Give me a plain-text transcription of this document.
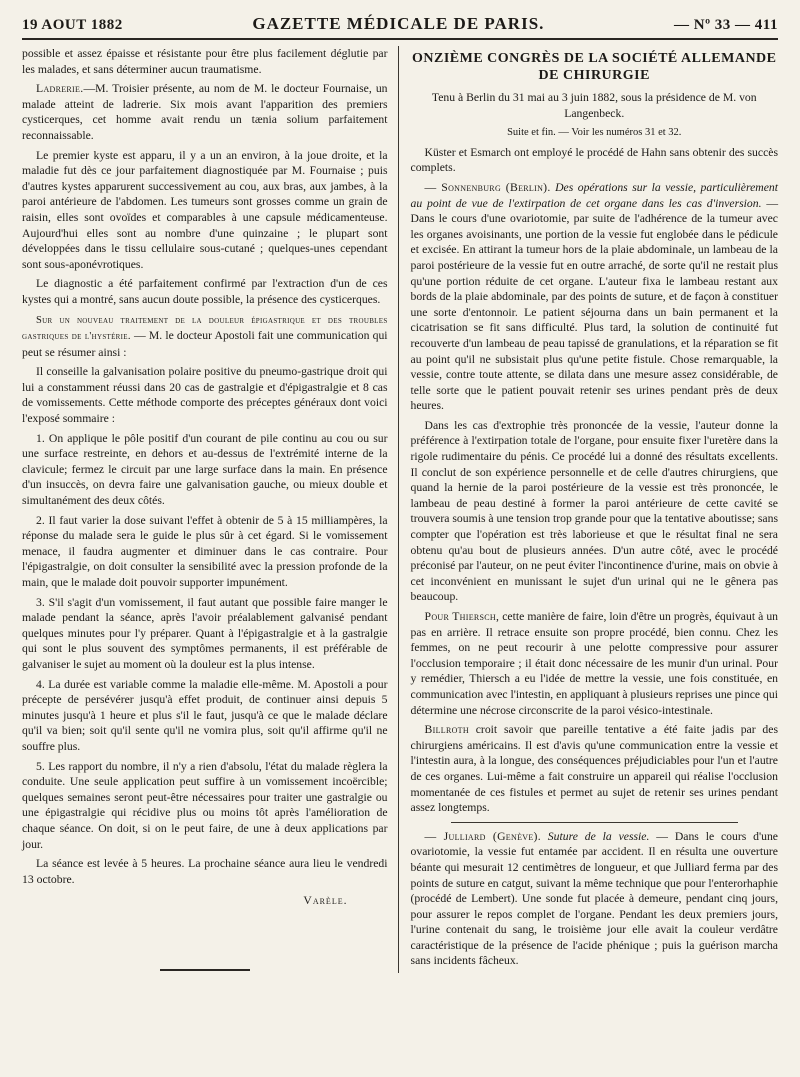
19 AOUT 1882	GAZETTE MÉDICALE DE PARIS.	— Nº 33 — 411

possible et assez épaisse et résistante pour être plus facilement déglutie par les malades, et sans déterminer aucun traumatisme.

Ladrerie.—M. Troisier présente, au nom de M. le docteur Fournaise, un malade atteint de ladrerie. Six mois avant l'apparition des premiers cysticerques, cet homme avait rendu un tænia solium parfaitement reconnaissable.

Le premier kyste est apparu, il y a un an environ, à la joue droite, et la maladie fut dès ce jour parfaitement diagnostiquée par M. Fournaise ; puis d'autres kystes apparurent successivement au cou, aux bras, aux jambes, à la paroi antérieure de l'abdomen. Les tumeurs sont grosses comme un grain de raisin, elles sont ovoïdes et comparables à une capsule médicamenteuse. Aujourd'hui elles sont au nombre d'une quinzaine ; le plupart sont développées dans le tissu cellulaire sous-cutané ; quelques-unes cependant sont sous-aponévrotiques.

Le diagnostic a été parfaitement confirmé par l'extraction d'un de ces kystes qui a montré, sans aucun doute possible, la présence des cysticerques.

Sur un nouveau traitement de la douleur épigastrique et des troubles gastriques de l'hystérie. — M. le docteur Apostoli fait une communication qui peut se résumer ainsi :

Il conseille la galvanisation polaire positive du pneumo-gastrique droit qui lui a constamment réussi dans 20 cas de gastralgie et d'épigastralgie et 8 cas de vomissements. Cette méthode comporte des préceptes généraux dont voici l'exposé sommaire :

1. On applique le pôle positif d'un courant de pile continu au cou ou sur une surface restreinte, en dehors et au-dessus de l'extrémité interne de la clavicule; fermez le circuit par une large surface dans la main. En présence d'un insuccès, on devra faire une galvanisation gauche, ou mieux double et simultanément des deux côtés.

2. Il faut varier la dose suivant l'effet à obtenir de 5 à 15 milliampères, la réponse du malade sera le guide le plus sûr à cet égard. Si le vomissement menace, il faudra augmenter et diminuer dans le cas contraire. Pour l'épigastralgie, on doit consulter la sensibilité avec la pression profonde de la main, que le malade doit pouvoir supporter impunément.

3. S'il s'agit d'un vomissement, il faut autant que possible faire manger le malade pendant la séance, après l'avoir préalablement galvanisé pendant quelques minutes pour l'y préparer. Quant à l'épigastralgie et à la gastralgie qui sont le plus souvent des symptômes permanents, il est préférable de galvaniser le sujet au moment où la douleur est la plus intense.

4. La durée est variable comme la maladie elle-même. M. Apostoli a pour précepte de persévérer jusqu'à effet produit, de continuer ainsi depuis 5 minutes jusqu'à 1 heure et plus s'il le faut, jusqu'à ce que le malade déclare qu'il va bien; soit qu'il sente qu'il ne vomira plus, soit qu'il affirme qu'il ne souffre plus.

5. Les rapport du nombre, il n'y a rien d'absolu, l'état du malade règlera la conduite. Une seule application peut suffire à un vomissement incoërcible; quelques semaines seront peut-être nécessaires pour traiter une gastralgie ou une épigastralgie qui récidive plus ou moins tôt après l'amélioration de chaque séance. On doit, si on le peut faire, de une à deux applications par jour.

La séance est levée à 5 heures. La prochaine séance aura lieu le vendredi 13 octobre.

Varèle.

ONZIÈME CONGRÈS DE LA SOCIÉTÉ ALLEMANDE DE CHIRURGIE

Tenu à Berlin du 31 mai au 3 juin 1882, sous la présidence de M. von Langenbeck.

Suite et fin. — Voir les numéros 31 et 32.

Küster et Esmarch ont employé le procédé de Hahn sans obtenir des succès complets.

— Sonnenburg (Berlin). Des opérations sur la vessie, particulièrement au point de vue de l'extirpation de cet organe dans les cas d'inversion. — Dans le cours d'une ovariotomie, par suite de l'adhérence de la tumeur avec les organes avoisinants, une portion de la vessie fut englobée dans le pédicule et excisée. En attirant la tumeur hors de la plaie abdominale, un lambeau de la paroi postérieure de la vessie fut en outre arraché, de sorte qu'il ne restait plus qu'une portion réduite de cet organe. L'auteur fixa le lambeau restant aux bords de la plaie abdominale, par des points de suture, et de façon à constituer une sorte d'entonnoir. Le patient séjourna dans un bain permanent et la cicatrisation se fit sans difficulté. Plus tard, la solution de continuité fut recouverte d'un lambeau de peau tapissé de granulations, et la réparation se fit au point qu'il ne subsistait plus qu'une petite fistule. Chose remarquable, la vessie, contre toute attente, se dilata dans une mesure assez considérable, de telle sorte que le patient pouvait retenir ses urines pendant près de deux heures.

Dans les cas d'extrophie très prononcée de la vessie, l'auteur donne la préférence à l'extirpation totale de l'organe, pour ensuite fixer l'uretère dans la rigole rudimentaire du pénis. Ce procédé lui a donné des résultats excellents. Il conclut de son expérience personnelle et de celle d'autres chirurgiens, que quand la hernie de la paroi postérieure de la vessie est très prononcée, le lambeau de peau destiné à former la paroi antérieure de cette cavité se trouvera soumis à une tension trop grande pour que la tentative aboutisse; sans compter que l'opération est très laborieuse et que le résultat final ne sera obtenu qu'au bout de plusieurs années. D'un autre côté, avec le procédé préconisé par l'auteur, on ne peut éviter l'incontinence d'urine, mais on obvie à cet inconvénient en munissant le sujet d'un urinal qui ne le gênera pas beaucoup.

Pour Thiersch, cette manière de faire, loin d'être un progrès, équivaut à un pas en arrière. Il retrace ensuite son propre procédé, bien connu. Chez les femmes, on ne peut recourir à une pelotte compressive pour assurer l'occlusion temporaire ; il était donc nécessaire de les munir d'un urinal. Pour y remédier, Thiersch a eu l'idée de mettre la vessie, une fois constituée, en communication avec l'intestin, en appliquant à plusieurs reprises une pince qui détermine une nécrose circonscrite de la paroi vésico-intestinale.

Billroth croit savoir que pareille tentative a été faite jadis par des chirurgiens américains. Il est d'avis qu'une communication entre la vessie et l'intestin aura, à la longue, des conséquences préjudiciables pour l'un et l'autre de ces organes. Lui-même a fait construire un appareil qui réalise l'occlusion momentanée de ces fistules et permet au sujet de retenir ses urines pendant assez longtemps.

— Julliard (Genève). Suture de la vessie. — Dans le cours d'une ovariotomie, la vessie fut entamée par accident. Il en résulta une ouverture béante qui mesurait 12 centimètres de longueur, et que Julliard ferma par des points de suture en catgut, suivant la même technique que pour l'enterorhaphie (procédé de Lembert). Une sonde fut placée à demeure, pendant cinq jours, pour assurer le repos complet de l'organe. Pendant les deux premiers jours, l'urine contenait du sang, le troisième jour elle avait la couleur verdâtre caractéristique de la présence de l'acide phénique ; puis la guérison marcha sans incidents fâcheux.
